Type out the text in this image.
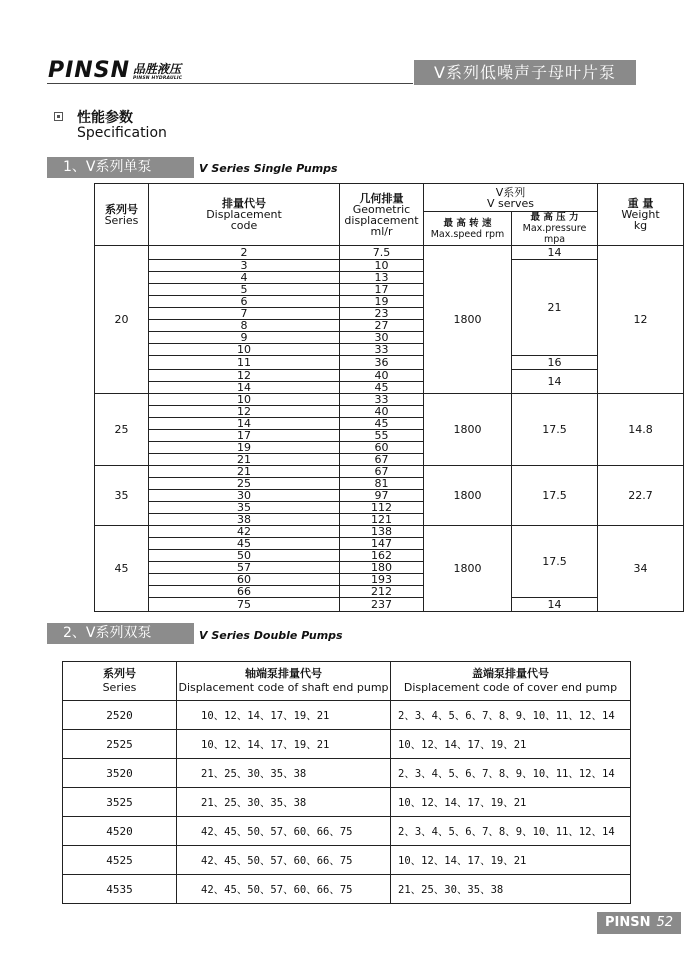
PINSN 品胜液压
PINSN HYDRAULIC	V系列低噪声子母叶片泵
性能参数
Specification
1、V系列单泵	V Series Single Pumps
系列号
Series	排量代号
Displacement
code	几何排量
Geometric
displacement
ml/r	V系列
V serves		重 量
Weight
kg
			最 高 转 速
Max.speed rpm	最 高 压 力
Max.pressure mpa	
20	2	7.5	1800	14	12
	3	10		21	
	4	13			
	5	17			
	6	19			
	7	23			
	8	27			
	9	30			
	10	33			
	11	36		16	
	12	40		14	
	14	45			
25	10	33	1800	17.5	14.8
	12	40			
	14	45			
	17	55			
	19	60			
	21	67			
35	21	67	1800	17.5	22.7
	25	81			
	30	97			
	35	112			
	38	121			
45	42	138	1800	17.5	34
	45	147			
	50	162			
	57	180			
	60	193			
	66	212			
	75	237		14	
2、V系列双泵	V Series Double Pumps
系列号
Series	轴端泵排量代号
Displacement code of shaft end pump	盖端泵排量代号
Displacement code of cover end pump
2520	10、12、14、17、19、21	2、3、4、5、6、7、8、9、10、11、12、14
2525	10、12、14、17、19、21	10、12、14、17、19、21
3520	21、25、30、35、38	2、3、4、5、6、7、8、9、10、11、12、14
3525	21、25、30、35、38	10、12、14、17、19、21
4520	42、45、50、57、60、66、75	2、3、4、5、6、7、8、9、10、11、12、14
4525	42、45、50、57、60、66、75	10、12、14、17、19、21
4535	42、45、50、57、60、66、75	21、25、30、35、38
PINSN 52
